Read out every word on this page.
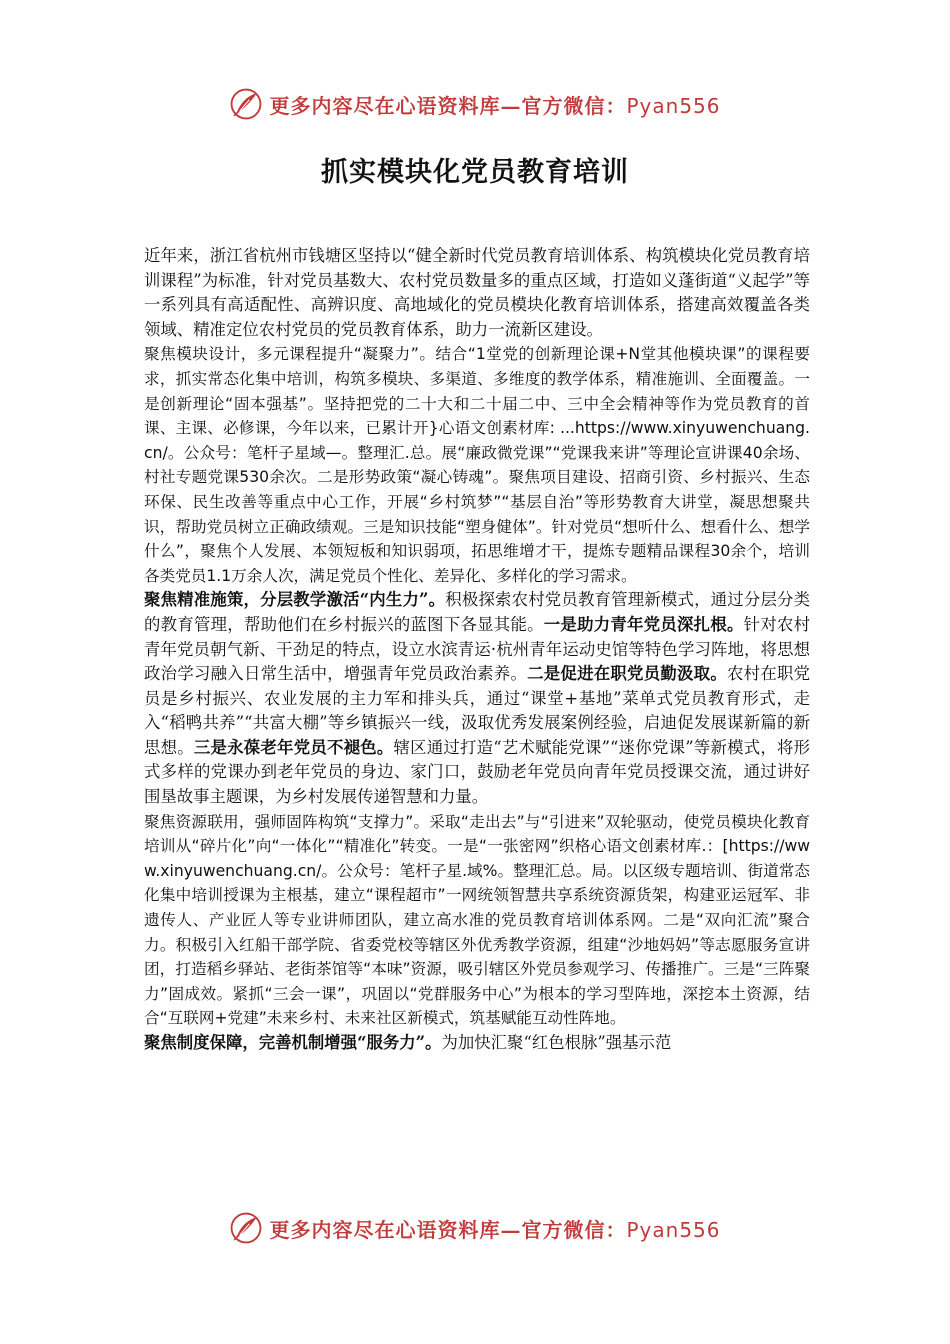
更多内容尽在心语资料库—官方微信：Pyan556
抓实模块化党员教育培训

近年来，浙江省杭州市钱塘区坚持以“健全新时代党员教育培训体系、构筑模块化党员教育培训课程”为标准，针对党员基数大、农村党员数量多的重点区域，打造如义蓬街道“义起学”等一系列具有高适配性、高辨识度、高地域化的党员模块化教育培训体系，搭建高效覆盖各类领域、精准定位农村党员的党员教育体系，助力一流新区建设。

聚焦模块设计，多元课程提升“凝聚力”。结合“1堂党的创新理论课+N堂其他模块课”的课程要求，抓实常态化集中培训，构筑多模块、多渠道、多维度的教学体系，精准施训、全面覆盖。一是创新理论“固本强基”。坚持把党的二十大和二十届二中、三中全会精神等作为党员教育的首课、主课、必修课，今年以来，已累计开}心语文创素材库: ...https://www.xinyuwenchuang.cn/。公众号：笔杆子星域—。整理汇.总。展“廉政微党课”“党课我来讲”等理论宣讲课40余场、村社专题党课530余次。二是形势政策“凝心铸魂”。聚焦项目建设、招商引资、乡村振兴、生态环保、民生改善等重点中心工作，开展“乡村筑梦”“基层自治”等形势教育大讲堂，凝思想聚共识，帮助党员树立正确政绩观。三是知识技能“塑身健体”。针对党员“想听什么、想看什么、想学什么”，聚焦个人发展、本领短板和知识弱项，拓思维增才干，提炼专题精品课程30余个，培训各类党员1.1万余人次，满足党员个性化、差异化、多样化的学习需求。

聚焦精准施策，分层教学激活“内生力”。积极探索农村党员教育管理新模式，通过分层分类的教育管理，帮助他们在乡村振兴的蓝图下各显其能。一是助力青年党员深扎根。针对农村青年党员朝气新、干劲足的特点，设立水滨青运·杭州青年运动史馆等特色学习阵地，将思想政治学习融入日常生活中，增强青年党员政治素养。二是促进在职党员勤汲取。农村在职党员是乡村振兴、农业发展的主力军和排头兵，通过“课堂+基地”菜单式党员教育形式，走入“稻鸭共养”“共富大棚”等乡镇振兴一线，汲取优秀发展案例经验，启迪促发展谋新篇的新思想。三是永葆老年党员不褪色。辖区通过打造“艺术赋能党课”“迷你党课”等新模式，将形式多样的党课办到老年党员的身边、家门口，鼓励老年党员向青年党员授课交流，通过讲好围垦故事主题课，为乡村发展传递智慧和力量。

聚焦资源联用，强师固阵构筑“支撑力”。采取“走出去”与“引进来”双轮驱动，使党员模块化教育培训从“碎片化”向“一体化”“精准化”转变。一是“一张密网”织格心语文创素材库.：[https://www.xinyuwenchuang.cn/。公众号：笔杆子星.域%。整理汇总。局。以区级专题培训、街道常态化集中培训授课为主根基，建立“课程超市”一网统领智慧共享系统资源货架，构建亚运冠军、非遗传人、产业匠人等专业讲师团队，建立高水准的党员教育培训体系网。二是“双向汇流”聚合力。积极引入红船干部学院、省委党校等辖区外优秀教学资源，组建“沙地妈妈”等志愿服务宣讲团，打造稻乡驿站、老街茶馆等“本味”资源，吸引辖区外党员参观学习、传播推广。三是“三阵聚力”固成效。紧抓“三会一课”，巩固以“党群服务中心”为根本的学习型阵地，深挖本土资源，结合“互联网+党建”未来乡村、未来社区新模式，筑基赋能互动性阵地。

聚焦制度保障，完善机制增强“服务力”。为加快汇聚“红色根脉”强基示范

更多内容尽在心语资料库—官方微信：Pyan556
